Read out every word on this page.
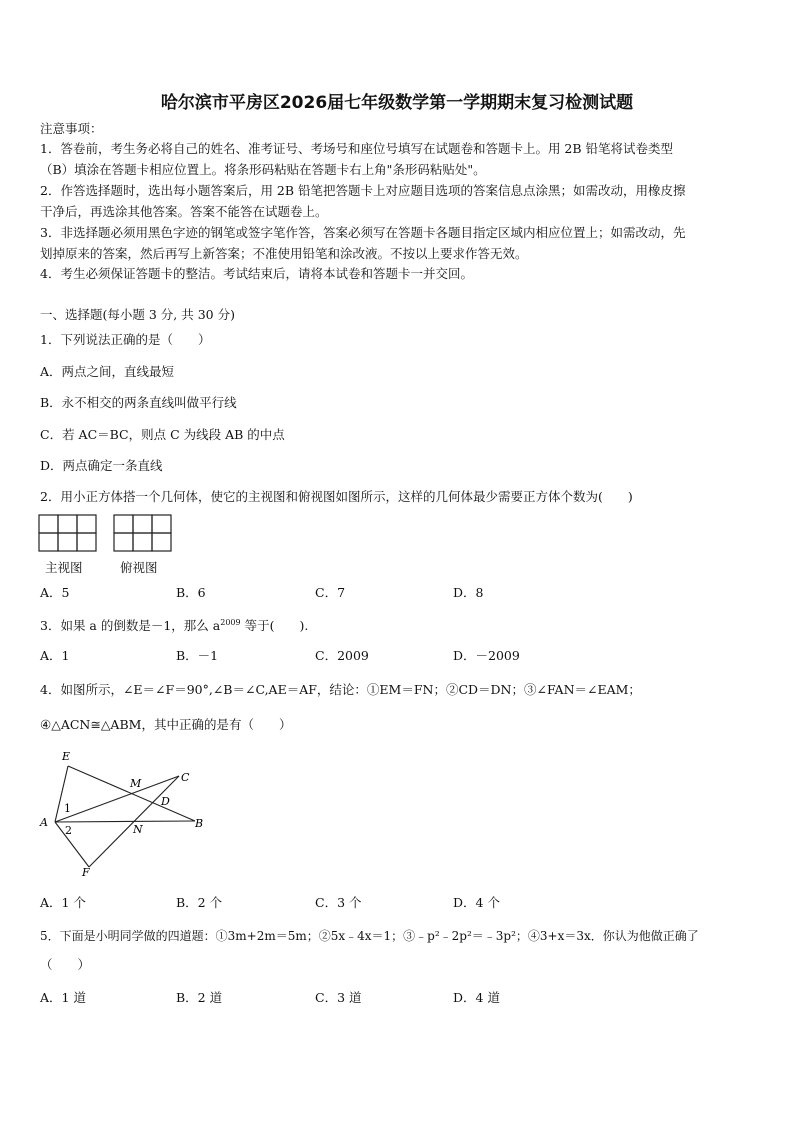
哈尔滨市平房区2026届七年级数学第一学期期末复习检测试题
注意事项：
1．答卷前，考生务必将自己的姓名、准考证号、考场号和座位号填写在试题卷和答题卡上。用 2B 铅笔将试卷类型
（B）填涂在答题卡相应位置上。将条形码粘贴在答题卡右上角"条形码粘贴处"。
2．作答选择题时，选出每小题答案后，用 2B 铅笔把答题卡上对应题目选项的答案信息点涂黑；如需改动，用橡皮擦
干净后，再选涂其他答案。答案不能答在试题卷上。
3．非选择题必须用黑色字迹的钢笔或签字笔作答，答案必须写在答题卡各题目指定区域内相应位置上；如需改动，先
划掉原来的答案，然后再写上新答案；不准使用铅笔和涂改液。不按以上要求作答无效。
4．考生必须保证答题卡的整洁。考试结束后，请将本试卷和答题卡一并交回。
一、选择题(每小题 3 分, 共 30 分)
1．下列说法正确的是（　　）
A．两点之间，直线最短
B．永不相交的两条直线叫做平行线
C．若 AC＝BC，则点 C 为线段 AB 的中点
D．两点确定一条直线
2．用小正方体搭一个几何体，使它的主视图和俯视图如图所示，这样的几何体最少需要正方体个数为(　　)
主视图	俯视图
A．5	B．6	C．7	D．8
3．如果 a 的倒数是－1，那么 $a^{2009}$ 等于(　　).
A．1	B．－1	C．2009	D．－2009
4．如图所示，∠E＝∠F＝90°,∠B＝∠C,AE＝AF，结论：①EM＝FN；②CD＝DN；③∠FAN＝∠EAM；
④△ACN≅△ABM，其中正确的是有（　　）
E
M	C
D
A	B
N
F
1
2
A．1 个	B．2 个	C．3 个	D．4 个
5．下面是小明同学做的四道题：①3m+2m＝5m；②5x﹣4x＝1；③﹣p²﹣2p²＝﹣3p²；④3+x＝3x．你认为他做正确了
（　　）
A．1 道	B．2 道	C．3 道	D．4 道
